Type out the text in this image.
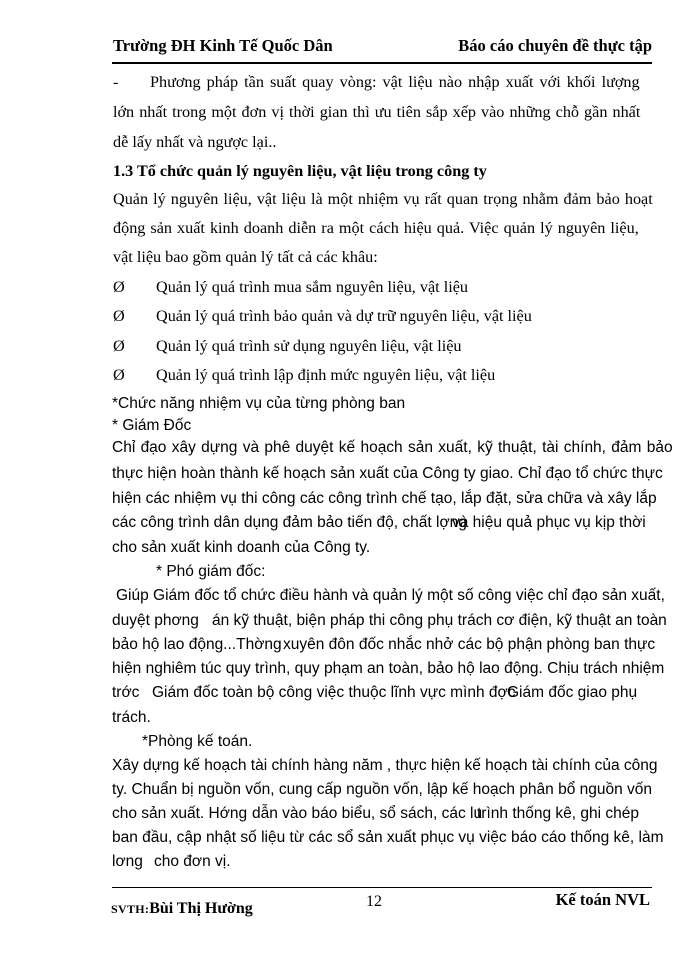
Trường ĐH Kinh Tế Quốc Dân	Báo cáo chuyên đề thực tập
- Phương pháp tần suất quay vòng: vật liệu nào nhập xuất với khối lượng
lớn nhất trong một đơn vị thời gian thì ưu tiên sắp xếp vào những chỗ gần nhất
dễ lấy nhất và ngược lại..
1.3 Tổ chức quản lý nguyên liệu, vật liệu trong công ty
Quản lý nguyên liệu, vật liệu là một nhiệm vụ rất quan trọng nhằm đảm bảo hoạt
động sản xuất kinh doanh diễn ra một cách hiệu quả. Việc quản lý nguyên liệu,
vật liệu bao gồm quản lý tất cả các khâu:
Ø Quản lý quá trình mua sắm nguyên liệu, vật liệu
Ø Quản lý quá trình bảo quản và dự trữ nguyên liệu, vật liệu
Ø Quản lý quá trình sử dụng nguyên liệu, vật liệu
Ø Quản lý quá trình lập định mức nguyên liệu, vật liệu
*Chức năng nhiệm vụ của từng phòng ban
* Giám Đốc
Chỉ đạo xây dựng và phê duyệt kế hoạch sản xuất, kỹ thuật, tài chính, đảm bảo
thực hiện hoàn thành kế hoạch sản xuất của Công ty giao. Chỉ đạo tổ chức thực
hiện các nhiệm vụ thi công các công trình chế tạo, lắp đặt, sửa chữa và xây lắp
các công trình dân dụng đảm bảo tiến độ, chất lợng
và hiệu quả phục vụ kịp thời
cho sản xuất kinh doanh của Công ty.
* Phó giám đốc:
Giúp Giám đốc tổ chức điều hành và quản lý một số công việc chỉ đạo sản xuất,
duyệt phơng án kỹ thuật, biện pháp thi công phụ trách cơ điện, kỹ thuật an toàn
bảo hộ lao động...Thờng xuyên đôn đốc nhắc nhở các bộ phận phòng ban thực
hiện nghiêm túc quy trình, quy phạm an toàn, bảo hộ lao động. Chịu trách nhiệm
trớc Giám đốc toàn bộ công việc thuộc lĩnh vực mình đợc
Giám đốc giao phụ
trách.
*Phòng kế toán.
Xây dựng kế hoạch tài chính hàng năm , thực hiện kế hoạch tài chính của công
ty. Chuẩn bị nguồn vốn, cung cấp nguồn vốn, lập kế hoạch phân bổ nguồn vốn
cho sản xuất. Hớng dẫn vào báo biểu, sổ sách, các lu
trình thống kê, ghi chép
ban đầu, cập nhật số liệu từ các sổ sản xuất phục vụ việc báo cáo thống kê, làm
lơng cho đơn vị.
SVTH:Bùi Thị Hường	12	Kế toán NVL
